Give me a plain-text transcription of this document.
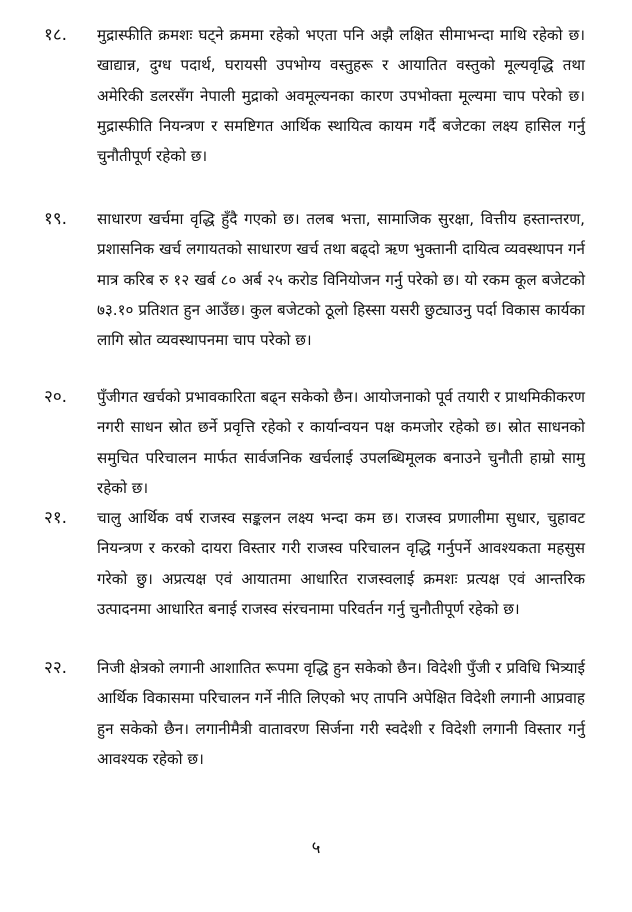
१८. मुद्रास्फीति क्रमशः घट्ने क्रममा रहेको भएता पनि अझै लक्षित सीमाभन्दा माथि रहेको छ। खाद्यान्न, दुग्ध पदार्थ, घरायसी उपभोग्य वस्तुहरू र आयातित वस्तुको मूल्यवृद्धि तथा अमेरिकी डलरसँग नेपाली मुद्राको अवमूल्यनका कारण उपभोक्ता मूल्यमा चाप परेको छ। मुद्रास्फीति नियन्त्रण र समष्टिगत आर्थिक स्थायित्व कायम गर्दै बजेटका लक्ष्य हासिल गर्नु चुनौतीपूर्ण रहेको छ।
१९. साधारण खर्चमा वृद्धि हुँदै गएको छ। तलब भत्ता, सामाजिक सुरक्षा, वित्तीय हस्तान्तरण, प्रशासनिक खर्च लगायतको साधारण खर्च तथा बढ्दो ऋण भुक्तानी दायित्व व्यवस्थापन गर्न मात्र करिब रु १२ खर्ब ८० अर्ब २५ करोड विनियोजन गर्नु परेको छ। यो रकम कूल बजेटको ७३.१० प्रतिशत हुन आउँछ। कुल बजेटको ठूलो हिस्सा यसरी छुट्याउनु पर्दा विकास कार्यका लागि स्रोत व्यवस्थापनमा चाप परेको छ।
२०. पुँजीगत खर्चको प्रभावकारिता बढ्न सकेको छैन। आयोजनाको पूर्व तयारी र प्राथमिकीकरण नगरी साधन स्रोत छर्ने प्रवृत्ति रहेको र कार्यान्वयन पक्ष कमजोर रहेको छ। स्रोत साधनको समुचित परिचालन मार्फत सार्वजनिक खर्चलाई उपलब्धिमूलक बनाउने चुनौती हाम्रो सामु रहेको छ।
२१. चालु आर्थिक वर्ष राजस्व सङ्कलन लक्ष्य भन्दा कम छ। राजस्व प्रणालीमा सुधार, चुहावट नियन्त्रण र करको दायरा विस्तार गरी राजस्व परिचालन वृद्धि गर्नुपर्ने आवश्यकता महसुस गरेको छु। अप्रत्यक्ष एवं आयातमा आधारित राजस्वलाई क्रमशः प्रत्यक्ष एवं आन्तरिक उत्पादनमा आधारित बनाई राजस्व संरचनामा परिवर्तन गर्नु चुनौतीपूर्ण रहेको छ।
२२. निजी क्षेत्रको लगानी आशातित रूपमा वृद्धि हुन सकेको छैन। विदेशी पुँजी र प्रविधि भित्र्याई आर्थिक विकासमा परिचालन गर्ने नीति लिएको भए तापनि अपेक्षित विदेशी लगानी आप्रवाह हुन सकेको छैन। लगानीमैत्री वातावरण सिर्जना गरी स्वदेशी र विदेशी लगानी विस्तार गर्नु आवश्यक रहेको छ।
५
